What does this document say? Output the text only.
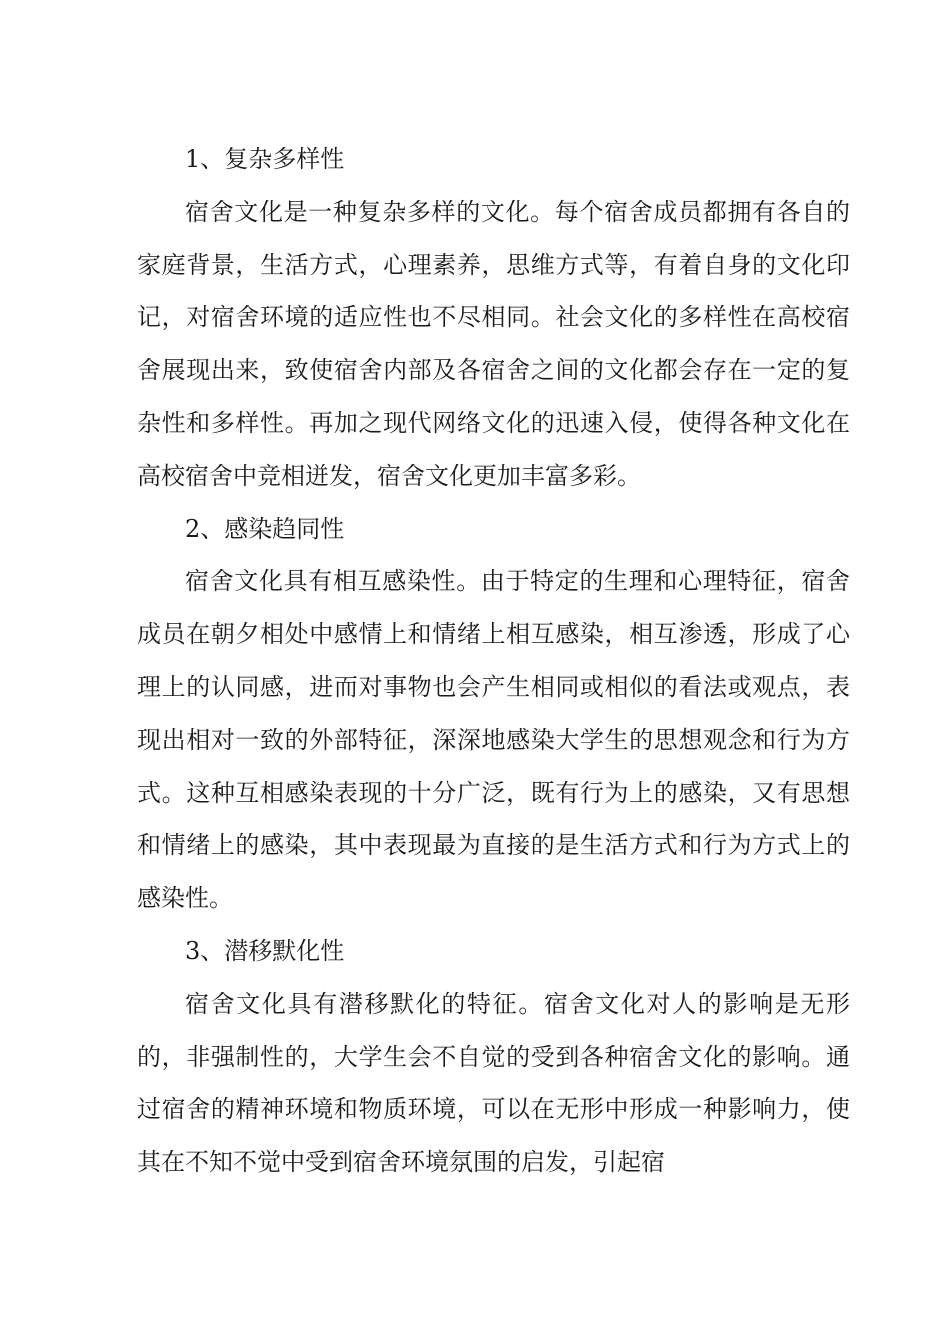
1、复杂多样性

宿舍文化是一种复杂多样的文化。每个宿舍成员都拥有各自的家庭背景，生活方式，心理素养，思维方式等，有着自身的文化印记，对宿舍环境的适应性也不尽相同。社会文化的多样性在高校宿舍展现出来，致使宿舍内部及各宿舍之间的文化都会存在一定的复杂性和多样性。再加之现代网络文化的迅速入侵，使得各种文化在高校宿舍中竞相迸发，宿舍文化更加丰富多彩。

2、感染趋同性

宿舍文化具有相互感染性。由于特定的生理和心理特征，宿舍成员在朝夕相处中感情上和情绪上相互感染，相互渗透，形成了心理上的认同感，进而对事物也会产生相同或相似的看法或观点，表现出相对一致的外部特征，深深地感染大学生的思想观念和行为方式。这种互相感染表现的十分广泛，既有行为上的感染，又有思想和情绪上的感染，其中表现最为直接的是生活方式和行为方式上的感染性。

3、潜移默化性

宿舍文化具有潜移默化的特征。宿舍文化对人的影响是无形的，非强制性的，大学生会不自觉的受到各种宿舍文化的影响。通过宿舍的精神环境和物质环境，可以在无形中形成一种影响力，使其在不知不觉中受到宿舍环境氛围的启发，引起宿
